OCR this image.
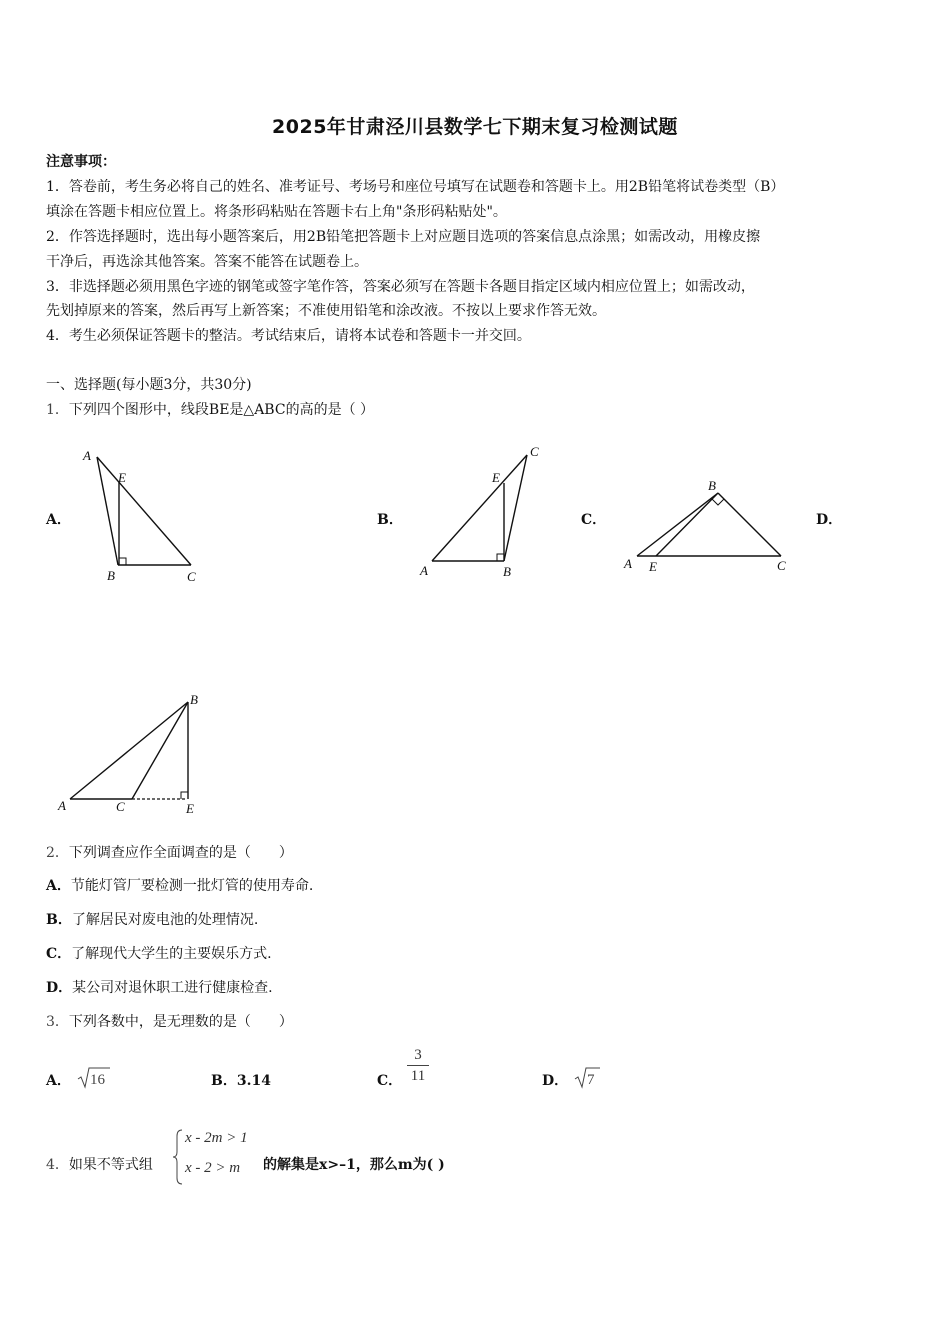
2025年甘肃泾川县数学七下期末复习检测试题
注意事项：
1．答卷前，考生务必将自己的姓名、准考证号、考场号和座位号填写在试题卷和答题卡上。用2B铅笔将试卷类型（B）
填涂在答题卡相应位置上。将条形码粘贴在答题卡右上角"条形码粘贴处"。
2．作答选择题时，选出每小题答案后，用2B铅笔把答题卡上对应题目选项的答案信息点涂黑；如需改动，用橡皮擦
干净后，再选涂其他答案。答案不能答在试题卷上。
3．非选择题必须用黑色字迹的钢笔或签字笔作答，答案必须写在答题卡各题目指定区域内相应位置上；如需改动，
先划掉原来的答案，然后再写上新答案；不准使用铅笔和涂改液。不按以上要求作答无效。
4．考生必须保证答题卡的整洁。考试结束后，请将本试卷和答题卡一并交回。
一、选择题(每小题3分，共30分)
1．下列四个图形中，线段BE是△ABC的高的是（ ）
A．	B．	C．	D．
A
E
B	C
C
E
A	B
B
A E	C
B
A	C	E
2．下列调查应作全面调查的是（　　）
A．节能灯管厂要检测一批灯管的使用寿命.
B．了解居民对废电池的处理情况.
C．了解现代大学生的主要娱乐方式.
D．某公司对退休职工进行健康检查.
3．下列各数中，是无理数的是（　　）
A． 16	B．3.14	C．
3
11	D． 7
4．如果不等式组
x - 2m > 1
x - 2 > m 的解集是x>–1，那么m为( )
